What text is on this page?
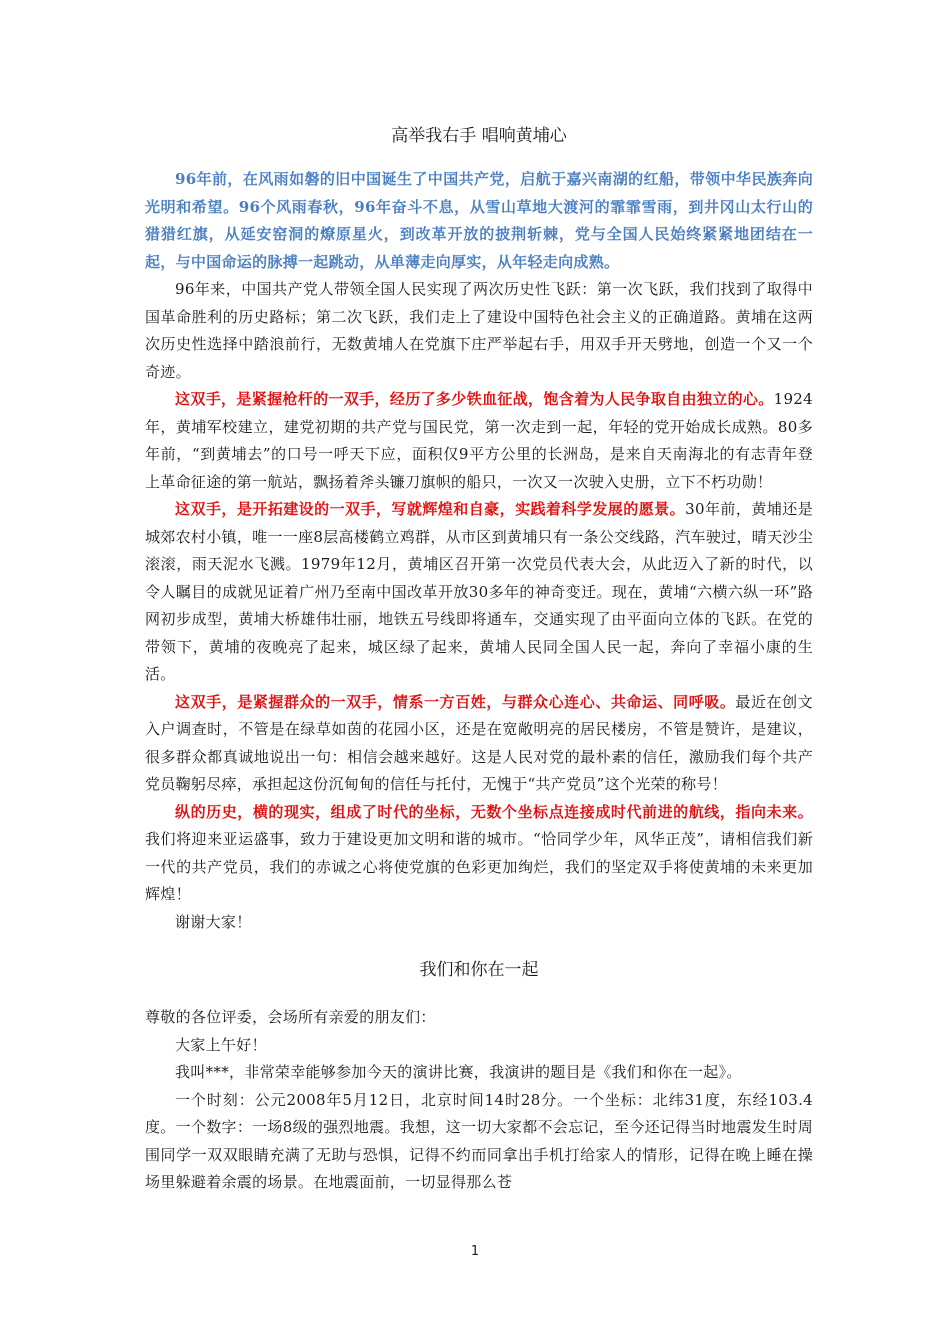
高举我右手 唱响黄埔心

96年前，在风雨如磐的旧中国诞生了中国共产党，启航于嘉兴南湖的红船，带领中华民族奔向光明和希望。96个风雨春秋，96年奋斗不息，从雪山草地大渡河的霏霏雪雨，到井冈山太行山的猎猎红旗，从延安窑洞的燎原星火，到改革开放的披荆斩棘，党与全国人民始终紧紧地团结在一起，与中国命运的脉搏一起跳动，从单薄走向厚实，从年轻走向成熟。

96年来，中国共产党人带领全国人民实现了两次历史性飞跃：第一次飞跃，我们找到了取得中国革命胜利的历史路标；第二次飞跃，我们走上了建设中国特色社会主义的正确道路。黄埔在这两次历史性选择中踏浪前行，无数黄埔人在党旗下庄严举起右手，用双手开天劈地，创造一个又一个奇迹。

这双手，是紧握枪杆的一双手，经历了多少铁血征战，饱含着为人民争取自由独立的心。1924年，黄埔军校建立，建党初期的共产党与国民党，第一次走到一起，年轻的党开始成长成熟。80多年前，“到黄埔去”的口号一呼天下应，面积仅9平方公里的长洲岛，是来自天南海北的有志青年登上革命征途的第一航站，飘扬着斧头镰刀旗帜的船只，一次又一次驶入史册，立下不朽功勋！

这双手，是开拓建设的一双手，写就辉煌和自豪，实践着科学发展的愿景。30年前，黄埔还是城郊农村小镇，唯一一座8层高楼鹤立鸡群，从市区到黄埔只有一条公交线路，汽车驶过，晴天沙尘滚滚，雨天泥水飞溅。1979年12月，黄埔区召开第一次党员代表大会，从此迈入了新的时代，以令人瞩目的成就见证着广州乃至南中国改革开放30多年的神奇变迁。现在，黄埔“六横六纵一环”路网初步成型，黄埔大桥雄伟壮丽，地铁五号线即将通车，交通实现了由平面向立体的飞跃。在党的带领下，黄埔的夜晚亮了起来，城区绿了起来，黄埔人民同全国人民一起，奔向了幸福小康的生活。

这双手，是紧握群众的一双手，情系一方百姓，与群众心连心、共命运、同呼吸。最近在创文入户调查时，不管是在绿草如茵的花园小区，还是在宽敞明亮的居民楼房，不管是赞许，是建议，很多群众都真诚地说出一句：相信会越来越好。这是人民对党的最朴素的信任，激励我们每个共产党员鞠躬尽瘁，承担起这份沉甸甸的信任与托付，无愧于“共产党员”这个光荣的称号！

纵的历史，横的现实，组成了时代的坐标，无数个坐标点连接成时代前进的航线，指向未来。我们将迎来亚运盛事，致力于建设更加文明和谐的城市。“恰同学少年，风华正茂”，请相信我们新一代的共产党员，我们的赤诚之心将使党旗的色彩更加绚烂，我们的坚定双手将使黄埔的未来更加辉煌！

谢谢大家！

我们和你在一起

尊敬的各位评委，会场所有亲爱的朋友们：

大家上午好！

我叫***，非常荣幸能够参加今天的演讲比赛，我演讲的题目是《我们和你在一起》。

一个时刻：公元2008年5月12日，北京时间14时28分。一个坐标：北纬31度，东经103.4度。一个数字：一场8级的强烈地震。我想，这一切大家都不会忘记，至今还记得当时地震发生时周围同学一双双眼睛充满了无助与恐惧，记得不约而同拿出手机打给家人的情形，记得在晚上睡在操场里躲避着余震的场景。在地震面前，一切显得那么苍

1
